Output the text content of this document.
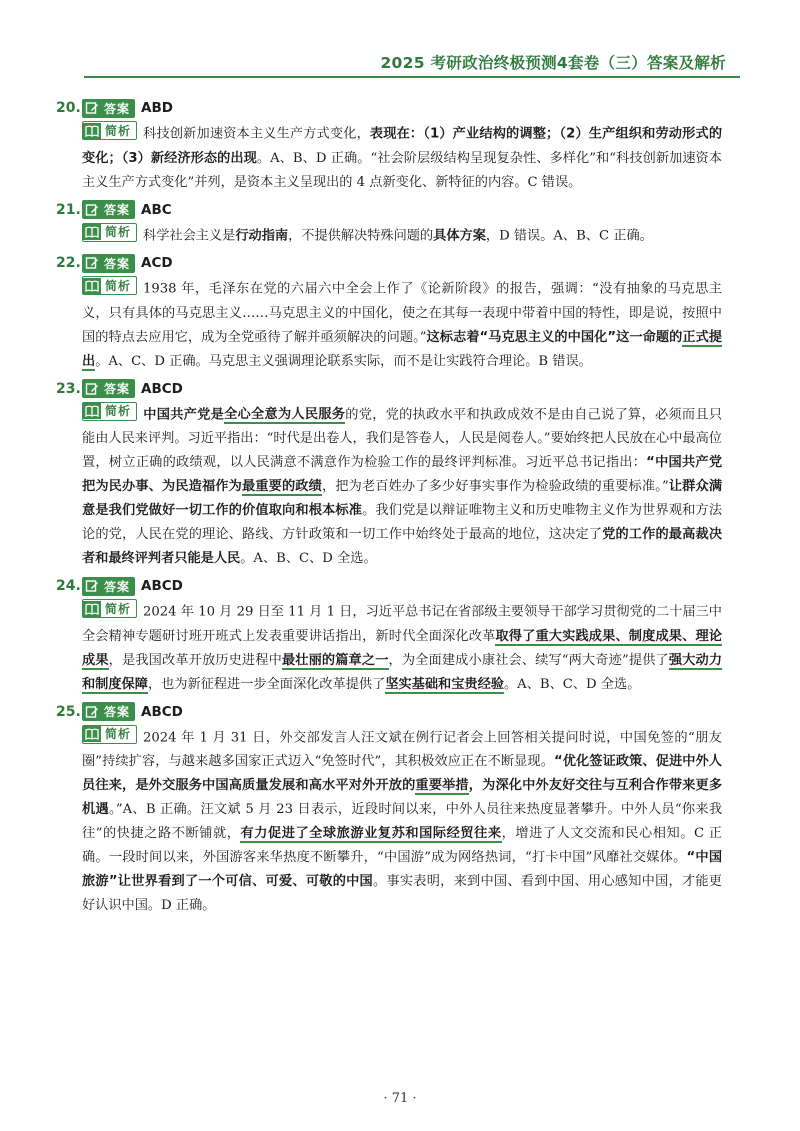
2025 考研政治终极预测4套卷（三）答案及解析
20. 答案 ABD
简析 科技创新加速资本主义生产方式变化，表现在：（1）产业结构的调整；（2）生产组织和劳动形式的变化；（3）新经济形态的出现。A、B、D 正确。“社会阶层级结构呈现复杂性、多样化”和“科技创新加速资本主义生产方式变化”并列，是资本主义呈现出的 4 点新变化、新特征的内容。C 错误。
21. 答案 ABC
简析 科学社会主义是行动指南，不提供解决特殊问题的具体方案，D 错误。A、B、C 正确。
22. 答案 ACD
简析 1938 年，毛泽东在党的六届六中全会上作了《论新阶段》的报告，强调：“没有抽象的马克思主义，只有具体的马克思主义……马克思主义的中国化，使之在其每一表现中带着中国的特性，即是说，按照中国的特点去应用它，成为全党亟待了解并亟须解决的问题。”这标志着“马克思主义的中国化”这一命题的正式提出。A、C、D 正确。马克思主义强调理论联系实际，而不是让实践符合理论。B 错误。
23. 答案 ABCD
简析 中国共产党是全心全意为人民服务的党，党的执政水平和执政成效不是由自己说了算，必须而且只能由人民来评判。习近平指出：“时代是出卷人，我们是答卷人，人民是阅卷人。”要始终把人民放在心中最高位置，树立正确的政绩观，以人民满意不满意作为检验工作的最终评判标准。习近平总书记指出：“中国共产党把为民办事、为民造福作为最重要的政绩，把为老百姓办了多少好事实事作为检验政绩的重要标准。”让群众满意是我们党做好一切工作的价值取向和根本标准。我们党是以辩证唯物主义和历史唯物主义作为世界观和方法论的党，人民在党的理论、路线、方针政策和一切工作中始终处于最高的地位，这决定了党的工作的最高裁决者和最终评判者只能是人民。A、B、C、D 全选。
24. 答案 ABCD
简析 2024 年 10 月 29 日至 11 月 1 日，习近平总书记在省部级主要领导干部学习贯彻党的二十届三中全会精神专题研讨班开班式上发表重要讲话指出，新时代全面深化改革取得了重大实践成果、制度成果、理论成果，是我国改革开放历史进程中最壮丽的篇章之一，为全面建成小康社会、续写“两大奇迹”提供了强大动力和制度保障，也为新征程进一步全面深化改革提供了坚实基础和宝贵经验。A、B、C、D 全选。
25. 答案 ABCD
简析 2024 年 1 月 31 日，外交部发言人汪文斌在例行记者会上回答相关提问时说，中国免签的“朋友圈”持续扩容，与越来越多国家正式迈入“免签时代”，其积极效应正在不断显现。“优化签证政策、促进中外人员往来，是外交服务中国高质量发展和高水平对外开放的重要举措，为深化中外友好交往与互利合作带来更多机遇。”A、B 正确。汪文斌 5 月 23 日表示，近段时间以来，中外人员往来热度显著攀升。中外人员“你来我往”的快捷之路不断铺就，有力促进了全球旅游业复苏和国际经贸往来，增进了人文交流和民心相知。C 正确。一段时间以来，外国游客来华热度不断攀升，“中国游”成为网络热词，“打卡中国”风靡社交媒体。“中国旅游”让世界看到了一个可信、可爱、可敬的中国。事实表明，来到中国、看到中国、用心感知中国，才能更好认识中国。D 正确。
· 71 ·
